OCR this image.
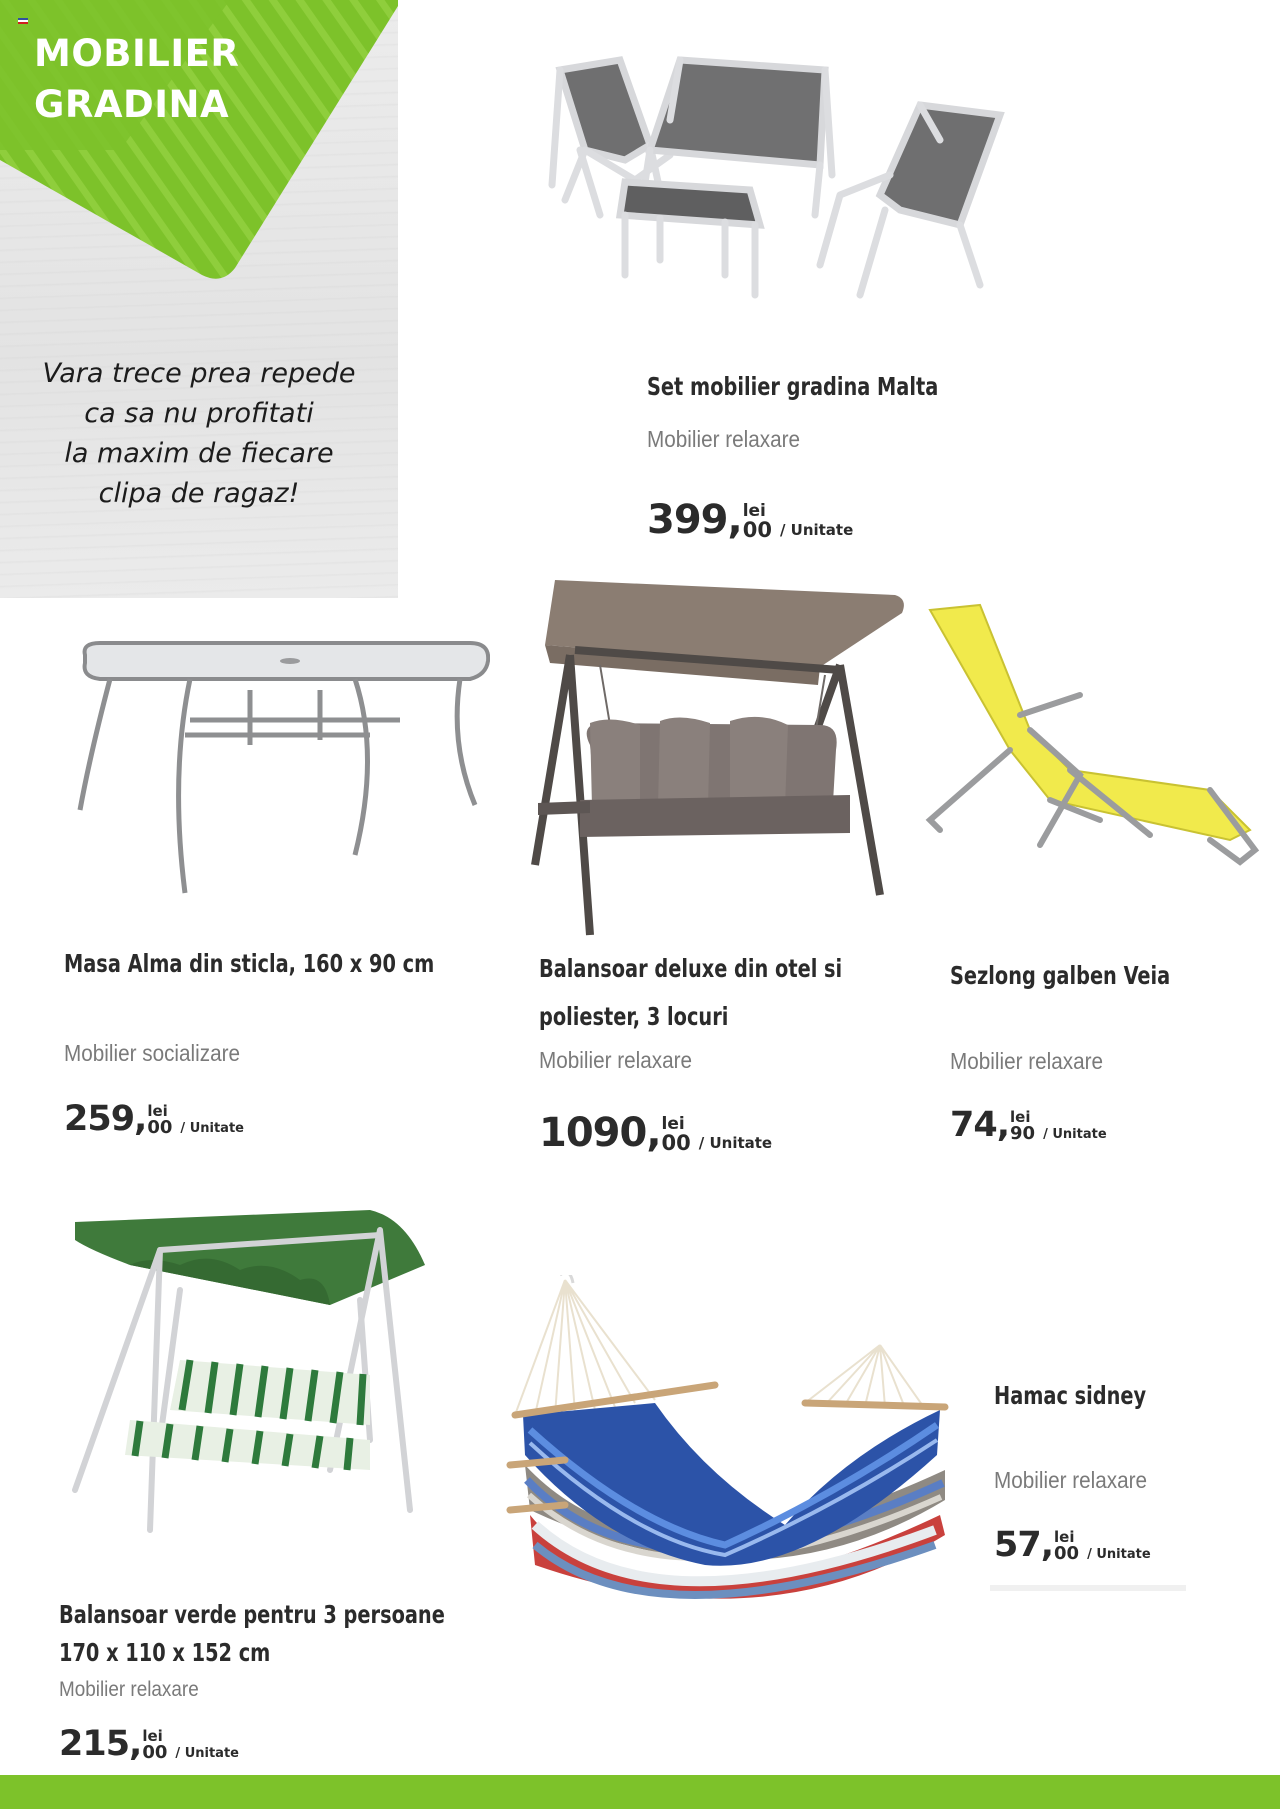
MOBILIER
GRADINA
Vara trece prea repede
ca sa nu profitati
la maxim de fiecare
clipa de ragaz!
Set mobilier gradina Malta
Mobilier relaxare
399, lei
00 / Unitate
Masa Alma din sticla, 160 x 90 cm
Mobilier socializare
259, lei
00 / Unitate
Balansoar deluxe din otel si
poliester, 3 locuri
Mobilier relaxare
1090, lei
00 / Unitate
Sezlong galben Veia
Mobilier relaxare
74, lei
90 / Unitate
Balansoar verde pentru 3 persoane
170 x 110 x 152 cm
Mobilier relaxare
215, lei
00 / Unitate
Hamac sidney
Mobilier relaxare
57, lei
00 / Unitate
